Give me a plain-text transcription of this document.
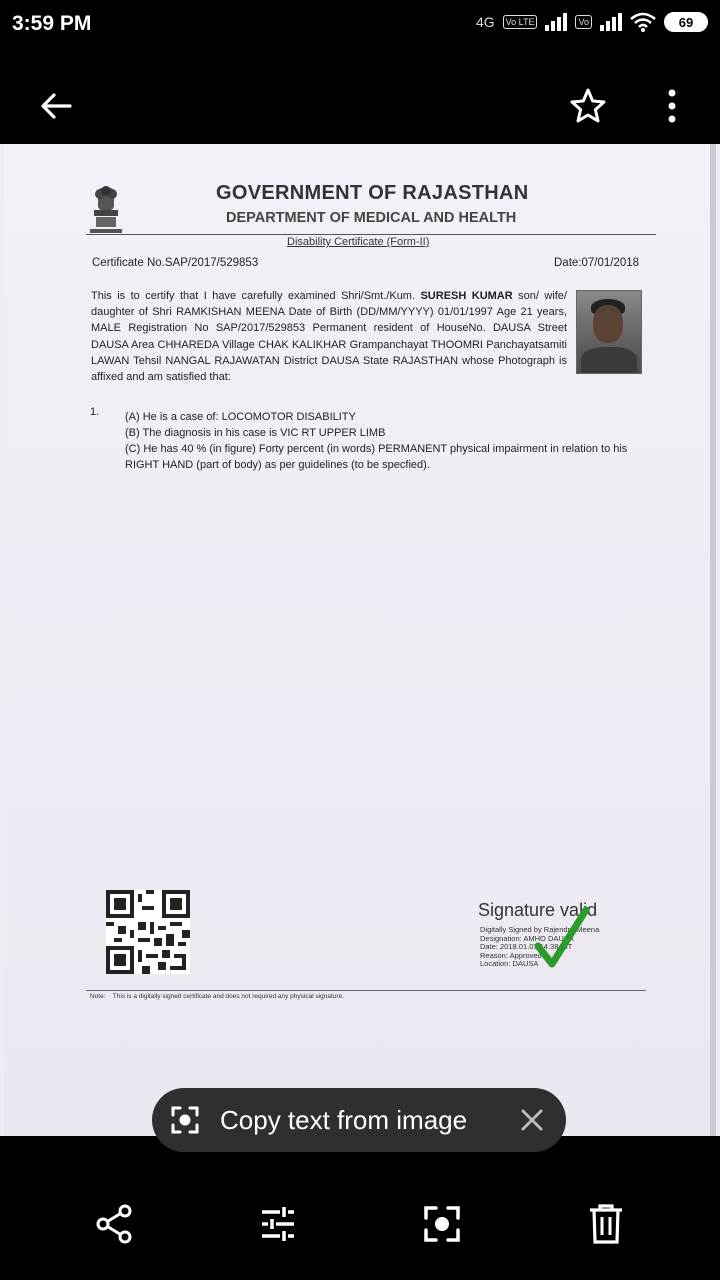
3:59 PM	4G	Vo LTE	Vo	69
GOVERNMENT OF RAJASTHAN
DEPARTMENT OF MEDICAL AND HEALTH
Disability Certificate (Form-II)
Certificate No.SAP/2017/529853	Date:07/01/2018
This is to certify that I have carefully examined Shri/Smt./Kum. SURESH KUMAR son/ wife/ daughter of Shri RAMKISHAN MEENA Date of Birth (DD/MM/YYYY) 01/01/1997 Age 21 years, MALE Registration No SAP/2017/529853 Permanent resident of HouseNo. DAUSA Street DAUSA Area CHHAREDA Village CHAK KALIKHAR Grampanchayat THOOMRI Panchayatsamiti LAWAN Tehsil NANGAL RAJAWATAN District DAUSA State RAJASTHAN whose Photograph is affixed and am satisfied that:
1. (A) He is a case of: LOCOMOTOR DISABILITY
(B) The diagnosis in his case is VIC RT UPPER LIMB
(C) He has 40 % (in figure) Forty percent (in words) PERMANENT physical impairment in relation to his RIGHT HAND (part of body) as per guidelines (to be specfied).
Signature valid
Digitally Signed by Rajendra Meena
Designation: AMHO DAUSA
Date: 2018.01.07 14:38 IST
Reason: Approved
Location: DAUSA
Note: This is a digitally signed certificate and does not required any physical signature.
Copy text from image
